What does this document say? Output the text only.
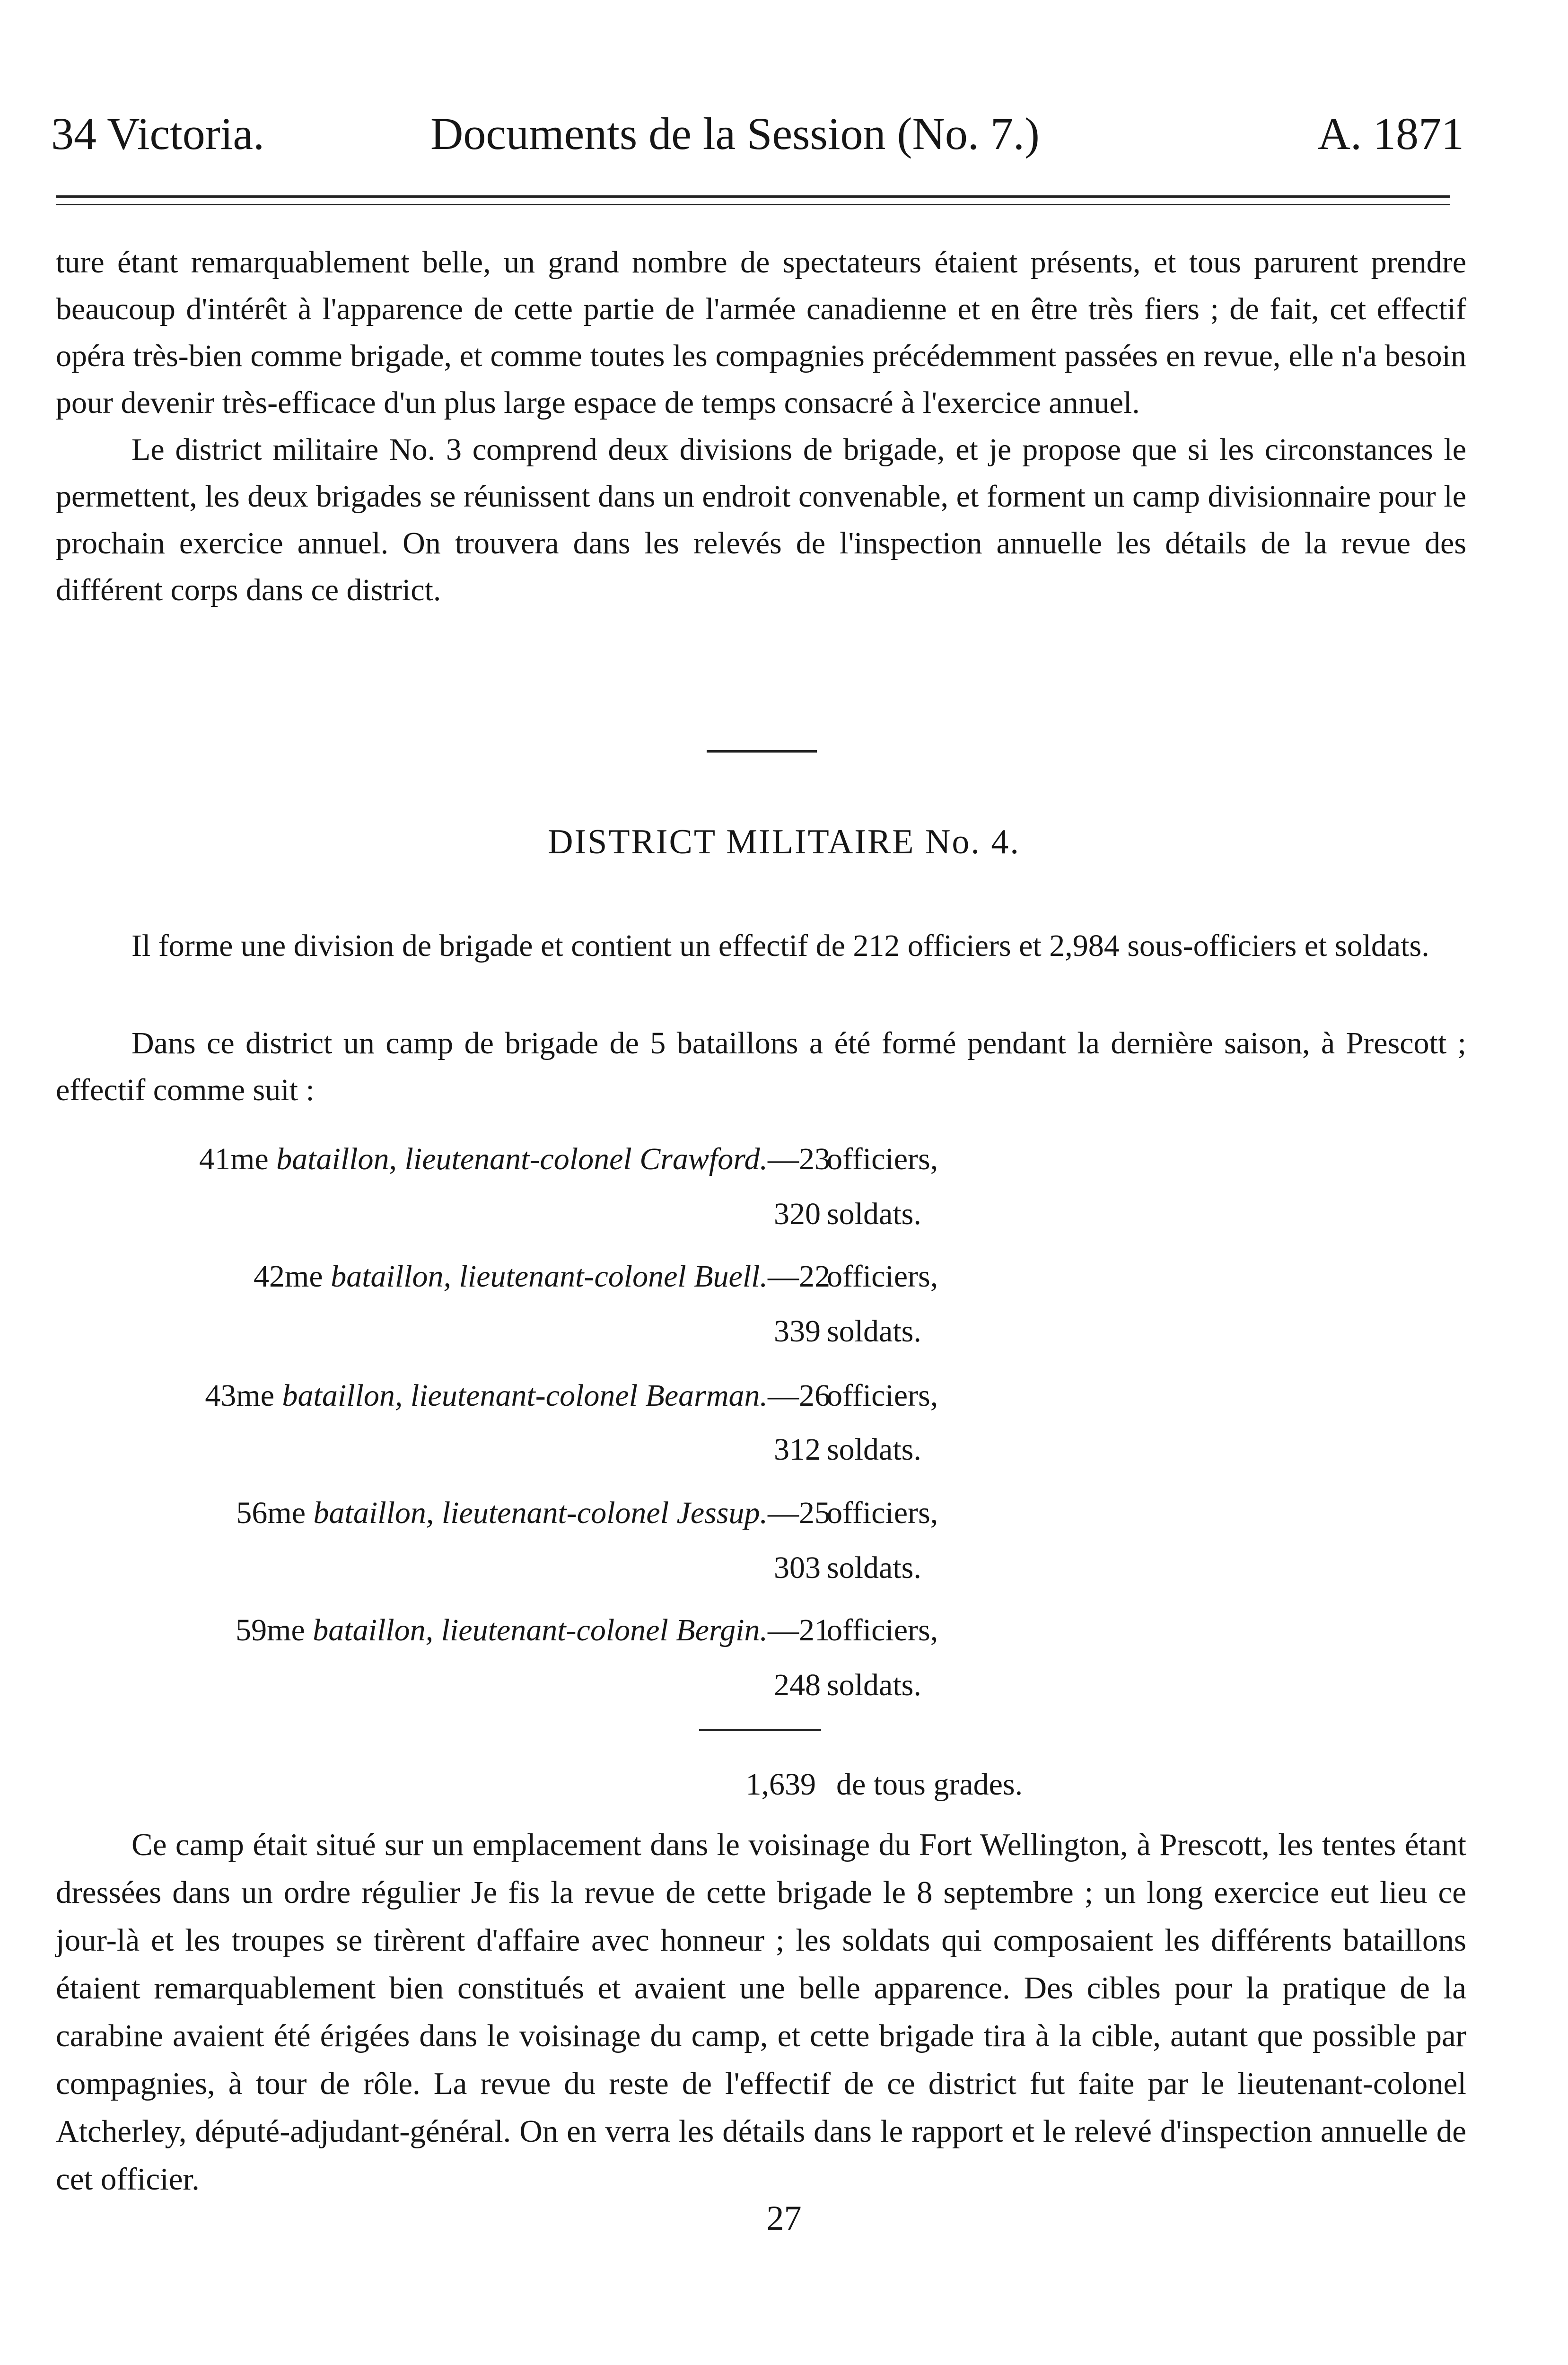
34 Victoria.	Documents de la Session (No. 7.)	A. 1871

ture étant remarquablement belle, un grand nombre de spectateurs étaient présents, et tous parurent prendre beaucoup d'intérêt à l'apparence de cette partie de l'armée canadienne et en être très fiers ; de fait, cet effectif opéra très-bien comme brigade, et comme toutes les compagnies précédemment passées en revue, elle n'a besoin pour devenir très-efficace d'un plus large espace de temps consacré à l'exercice annuel.

Le district militaire No. 3 comprend deux divisions de brigade, et je propose que si les circonstances le permettent, les deux brigades se réunissent dans un endroit convenable, et forment un camp divisionnaire pour le prochain exercice annuel. On trouvera dans les relevés de l'inspection annuelle les détails de la revue des différent corps dans ce district.

DISTRICT MILITAIRE No. 4.

Il forme une division de brigade et contient un effectif de 212 officiers et 2,984 sous-officiers et soldats.

Dans ce district un camp de brigade de 5 bataillons a été formé pendant la dernière saison, à Prescott ; effectif comme suit :

41me bataillon, lieutenant-colonel Crawford.—23
officiers,
320 soldats.
42me bataillon, lieutenant-colonel Buell.—22
officiers,
339 soldats.
43me bataillon, lieutenant-colonel Bearman.—26
officiers,
312 soldats.
56me bataillon, lieutenant-colonel Jessup.—25
officiers,
303 soldats.
59me bataillon, lieutenant-colonel Bergin.—21
officiers,
248 soldats.
1,639 de tous grades.

Ce camp était situé sur un emplacement dans le voisinage du Fort Wellington, à Prescott, les tentes étant dressées dans un ordre régulier Je fis la revue de cette brigade le 8 septembre ; un long exercice eut lieu ce jour-là et les troupes se tirèrent d'affaire avec honneur ; les soldats qui composaient les différents bataillons étaient remarquablement bien constitués et avaient une belle apparence. Des cibles pour la pratique de la carabine avaient été érigées dans le voisinage du camp, et cette brigade tira à la cible, autant que possible par compagnies, à tour de rôle. La revue du reste de l'effectif de ce district fut faite par le lieutenant-colonel Atcherley, député-adjudant-général. On en verra les détails dans le rapport et le relevé d'inspection annuelle de cet officier.

27
